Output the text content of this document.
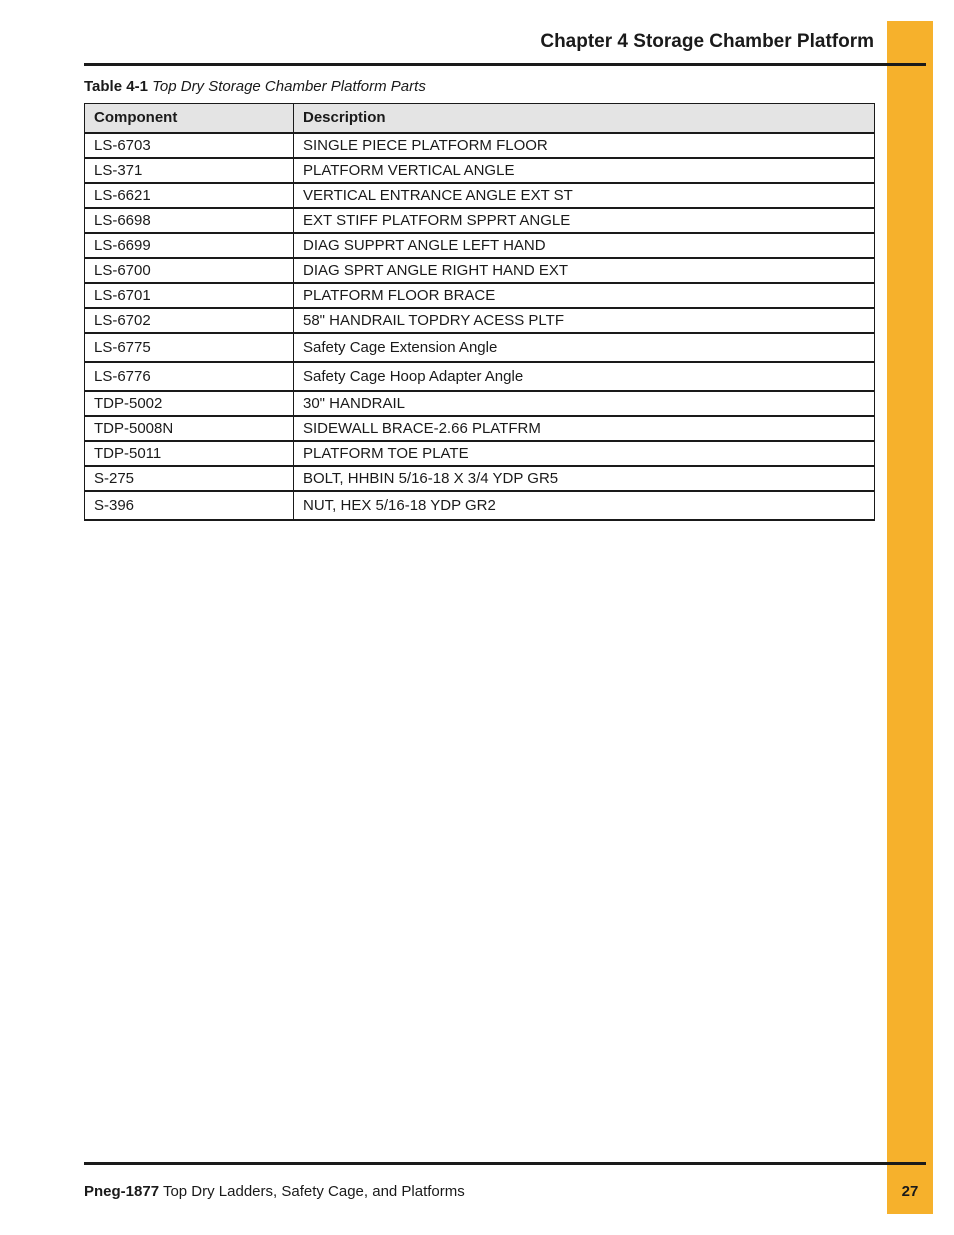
Chapter 4 Storage Chamber Platform
Table 4-1 Top Dry Storage Chamber Platform Parts
Component	Description
LS-6703	SINGLE PIECE PLATFORM FLOOR
LS-371	PLATFORM VERTICAL ANGLE
LS-6621	VERTICAL ENTRANCE ANGLE EXT ST
LS-6698	EXT STIFF PLATFORM SPPRT ANGLE
LS-6699	DIAG SUPPRT ANGLE LEFT HAND
LS-6700	DIAG SPRT ANGLE RIGHT HAND EXT
LS-6701	PLATFORM FLOOR BRACE
LS-6702	58" HANDRAIL TOPDRY ACESS PLTF
LS-6775	Safety Cage Extension Angle
LS-6776	Safety Cage Hoop Adapter Angle
TDP-5002	30" HANDRAIL
TDP-5008N	SIDEWALL BRACE-2.66 PLATFRM
TDP-5011	PLATFORM TOE PLATE
S-275	BOLT, HHBIN 5/16-18 X 3/4 YDP GR5
S-396	NUT, HEX 5/16-18 YDP GR2
Pneg-1877 Top Dry Ladders, Safety Cage, and Platforms	27
